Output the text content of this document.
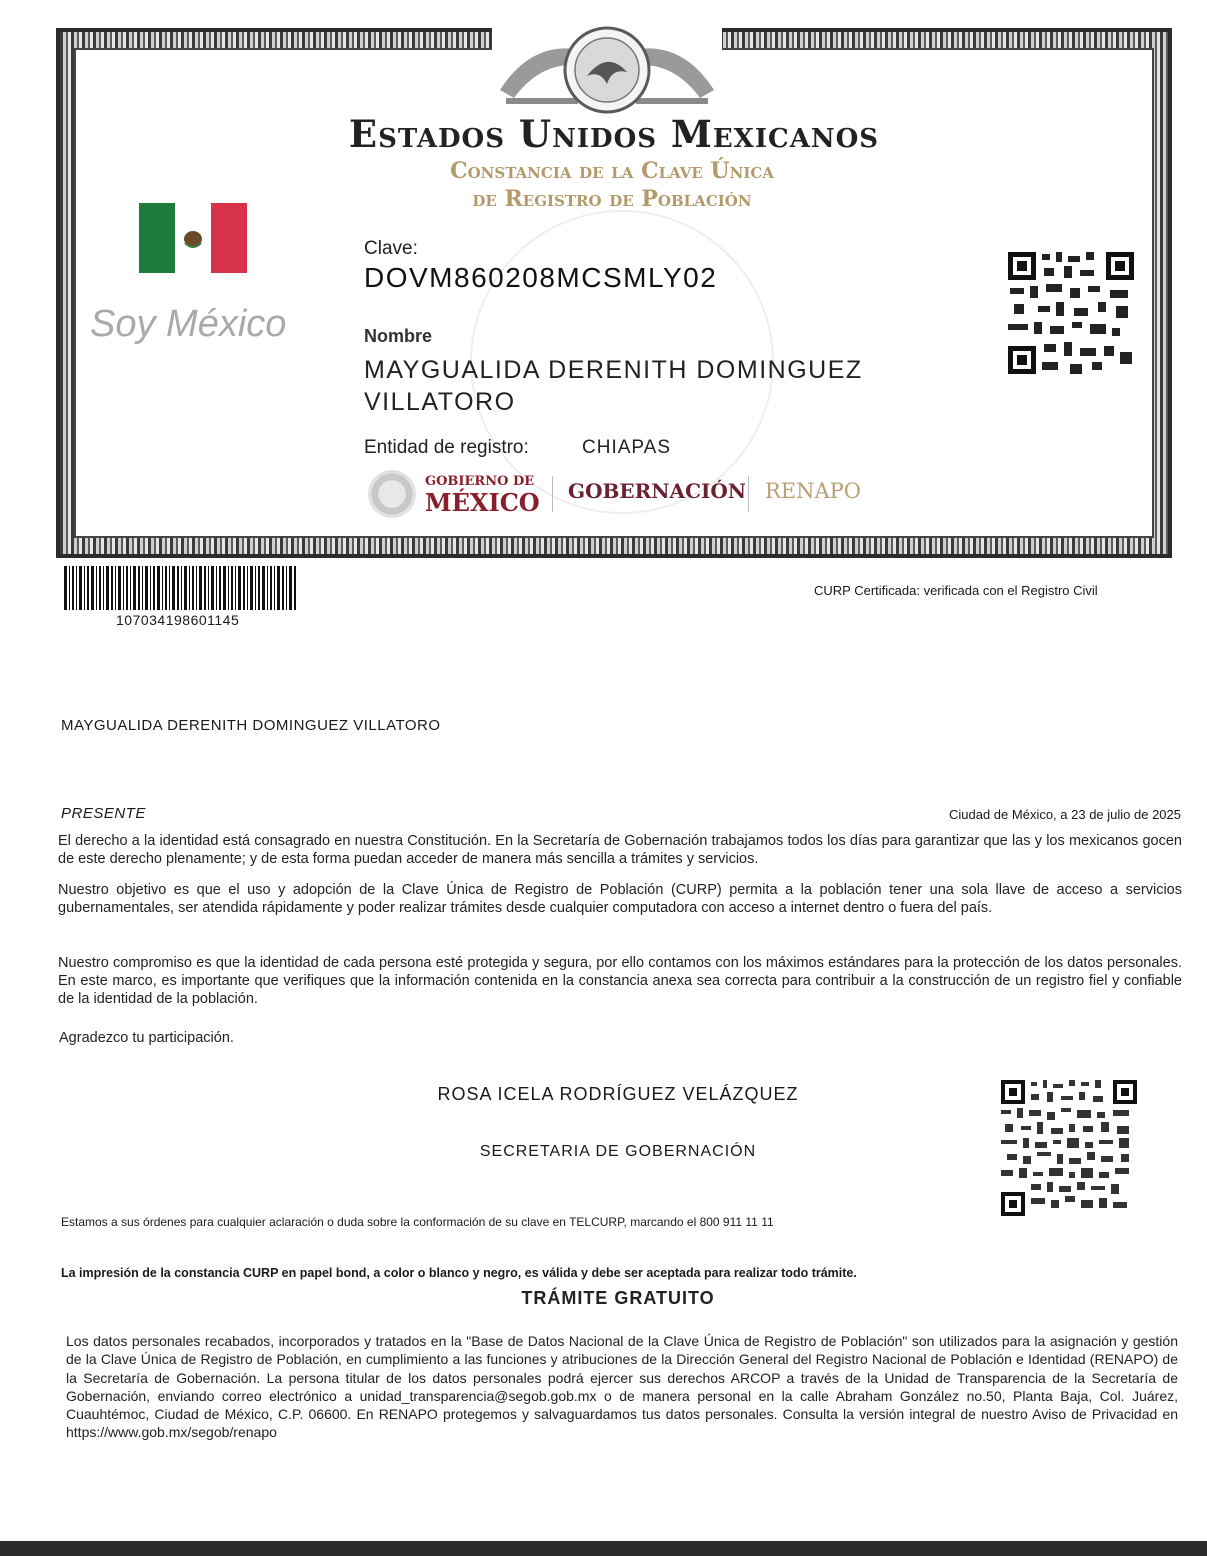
Estados Unidos Mexicanos
Constancia de la Clave Única
de Registro de Población
Soy México
Clave:
DOVM860208MCSMLY02
Nombre
MAYGUALIDA DERENITH DOMINGUEZ
VILLATORO
Entidad de registro:	CHIAPAS
GOBIERNO DE
MÉXICO GOBERNACIÓN RENAPO
107034198601145
CURP Certificada: verificada con el Registro Civil
MAYGUALIDA DERENITH DOMINGUEZ VILLATORO
PRESENTE	Ciudad de México, a 23 de julio de 2025
El derecho a la identidad está consagrado en nuestra Constitución. En la Secretaría de Gobernación trabajamos todos los días para garantizar que las y los mexicanos gocen de este derecho plenamente; y de esta forma puedan acceder de manera más sencilla a trámites y servicios.
Nuestro objetivo es que el uso y adopción de la Clave Única de Registro de Población (CURP) permita a la población tener una sola llave de acceso a servicios gubernamentales, ser atendida rápidamente y poder realizar trámites desde cualquier computadora con acceso a internet dentro o fuera del país.
Nuestro compromiso es que la identidad de cada persona esté protegida y segura, por ello contamos con los máximos estándares para la protección de los datos personales. En este marco, es importante que verifiques que la información contenida en la constancia anexa sea correcta para contribuir a la construcción de un registro fiel y confiable de la identidad de la población.
Agradezco tu participación.
ROSA ICELA RODRÍGUEZ VELÁZQUEZ
SECRETARIA DE GOBERNACIÓN
Estamos a sus órdenes para cualquier aclaración o duda sobre la conformación de su clave en TELCURP, marcando el 800 911 11 11
La impresión de la constancia CURP en papel bond, a color o blanco y negro, es válida y debe ser aceptada para realizar todo trámite.
TRÁMITE GRATUITO
Los datos personales recabados, incorporados y tratados en la "Base de Datos Nacional de la Clave Única de Registro de Población" son utilizados para la asignación y gestión de la Clave Única de Registro de Población, en cumplimiento a las funciones y atribuciones de la Dirección General del Registro Nacional de Población e Identidad (RENAPO) de la Secretaría de Gobernación. La persona titular de los datos personales podrá ejercer sus derechos ARCOP a través de la Unidad de Transparencia de la Secretaría de Gobernación, enviando correo electrónico a unidad_transparencia@segob.gob.mx o de manera personal en la calle Abraham González no.50, Planta Baja, Col. Juárez, Cuauhtémoc, Ciudad de México, C.P. 06600. En RENAPO protegemos y salvaguardamos tus datos personales. Consulta la versión integral de nuestro Aviso de Privacidad en https://www.gob.mx/segob/renapo
